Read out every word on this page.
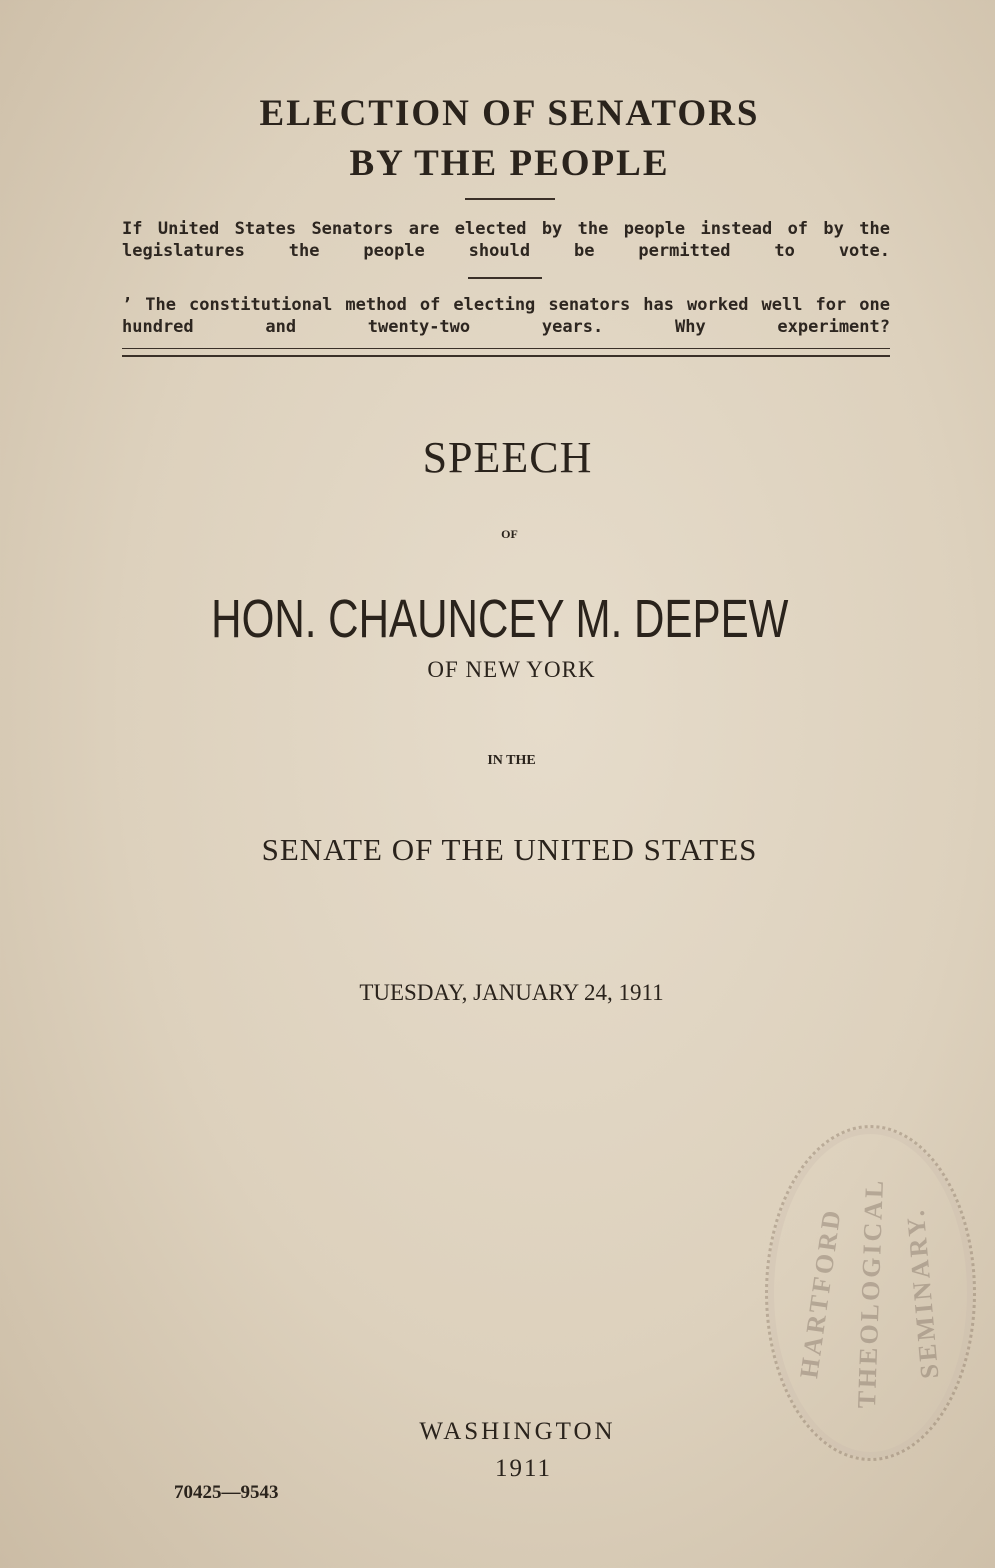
ELECTION OF SENATORS
BY THE PEOPLE
If United States Senators are elected by the people instead of by the legislatures the people should be permitted to vote.
’ The constitutional method of electing senators has worked well for one hundred and twenty-two years. Why experiment?
SPEECH
OF
HON. CHAUNCEY M. DEPEW
OF NEW YORK
IN THE
SENATE OF THE UNITED STATES
TUESDAY, JANUARY 24, 1911
HARTFORD THEOLOGICAL SEMINARY.
WASHINGTON
1911
70425—9543
